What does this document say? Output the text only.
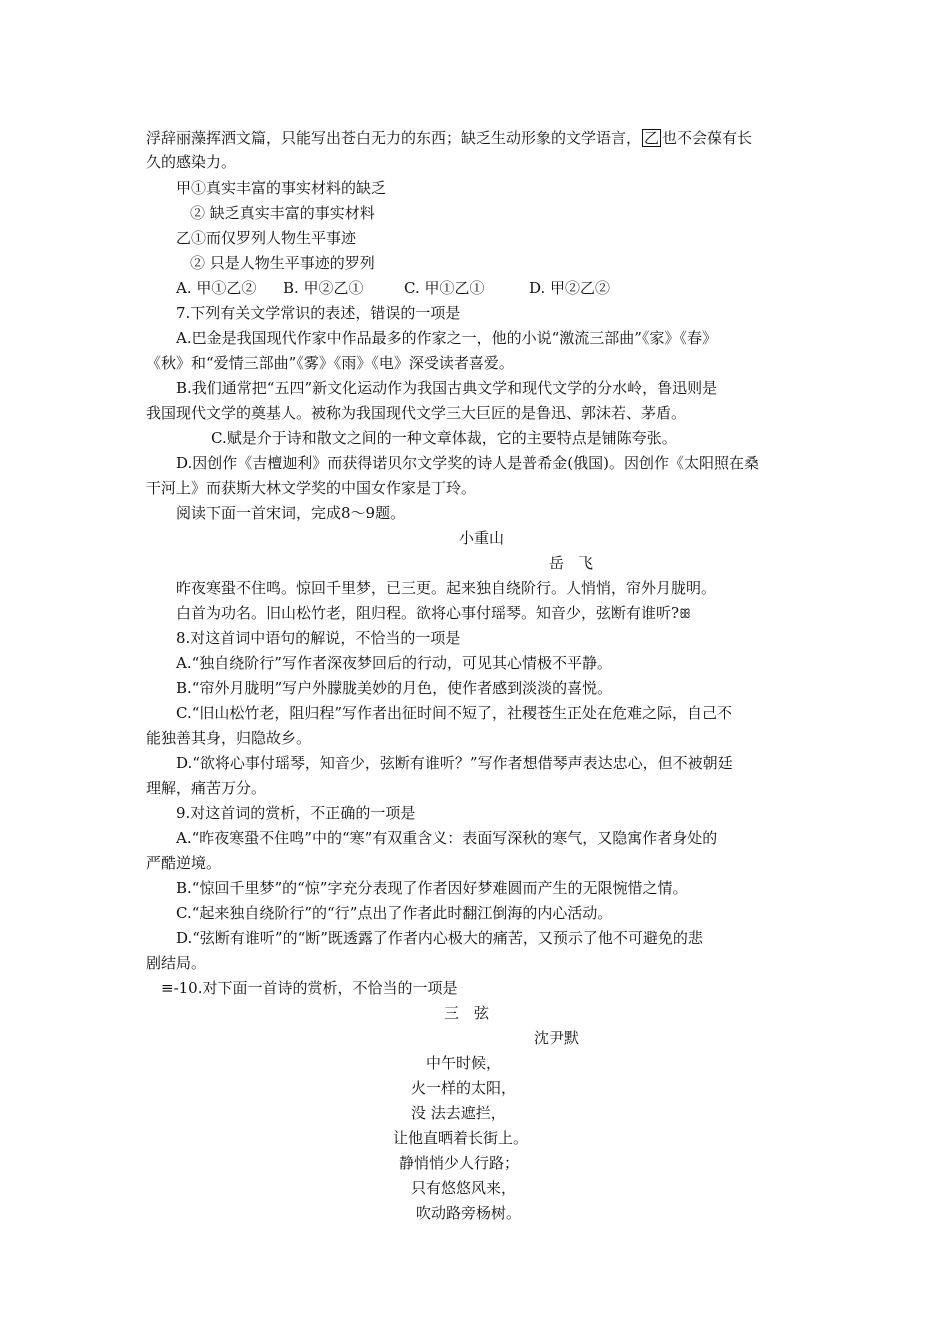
浮辞丽藻挥洒文篇，只能写出苍白无力的东西；缺乏生动形象的文学语言， 乙 也不会葆有长
久的感染力。
甲①真实丰富的事实材料的缺乏
② 缺乏真实丰富的事实材料
乙①而仅罗列人物生平事迹
② 只是人物生平事迹的罗列
A. 甲①乙② B. 甲②乙①	C. 甲①乙①	D. 甲②乙②
7.下列有关文学常识的表述，错误的一项是
A.巴金是我国现代作家中作品最多的作家之一，他的小说“激流三部曲”《家》《春》
《秋》和“爱情三部曲”《雾》《雨》《电》深受读者喜爱。
B.我们通常把“五四”新文化运动作为我国古典文学和现代文学的分水岭，鲁迅则是
我国现代文学的奠基人。被称为我国现代文学三大巨匠的是鲁迅、郭沫若、茅盾。
C.赋是介于诗和散文之间的一种文章体裁，它的主要特点是铺陈夸张。
D.因创作《吉檀迦利》而获得诺贝尔文学奖的诗人是普希金(俄国)。因创作《太阳照在桑
干河上》而获斯大林文学奖的中国女作家是丁玲。
阅读下面一首宋词，完成8～9题。
小重山
岳飞
昨夜寒蛩不住鸣。惊回千里梦，已三更。起来独自绕阶行。人悄悄，帘外月胧明。
白首为功名。旧山松竹老，阻归程。欲将心事付瑶琴。知音少，弦断有谁听?ꕥ
8.对这首词中语句的解说，不恰当的一项是
A.“独自绕阶行”写作者深夜梦回后的行动，可见其心情极不平静。
B.“帘外月胧明”写户外朦胧美妙的月色，使作者感到淡淡的喜悦。
C.“旧山松竹老，阻归程”写作者出征时间不短了，社稷苍生正处在危难之际，自己不
能独善其身，归隐故乡。
D.“欲将心事付瑶琴，知音少，弦断有谁听？”写作者想借琴声表达忠心，但不被朝廷
理解，痛苦万分。
9.对这首词的赏析，不正确的一项是
A.“昨夜寒蛩不住鸣”中的“寒”有双重含义：表面写深秋的寒气，又隐寓作者身处的
严酷逆境。
B.“惊回千里梦”的“惊”字充分表现了作者因好梦难圆而产生的无限惋惜之情。
C.“起来独自绕阶行”的“行”点出了作者此时翻江倒海的内心活动。
D.“弦断有谁听”的“断”既透露了作者内心极大的痛苦，又预示了他不可避免的悲
剧结局。
≡-10.对下面一首诗的赏析，不恰当的一项是
三弦
沈尹默
中午时候，
火一样的太阳，
没 法去遮拦，
让他直晒着长街上。
静悄悄少人行路；
只有悠悠风来，
吹动路旁杨树。
